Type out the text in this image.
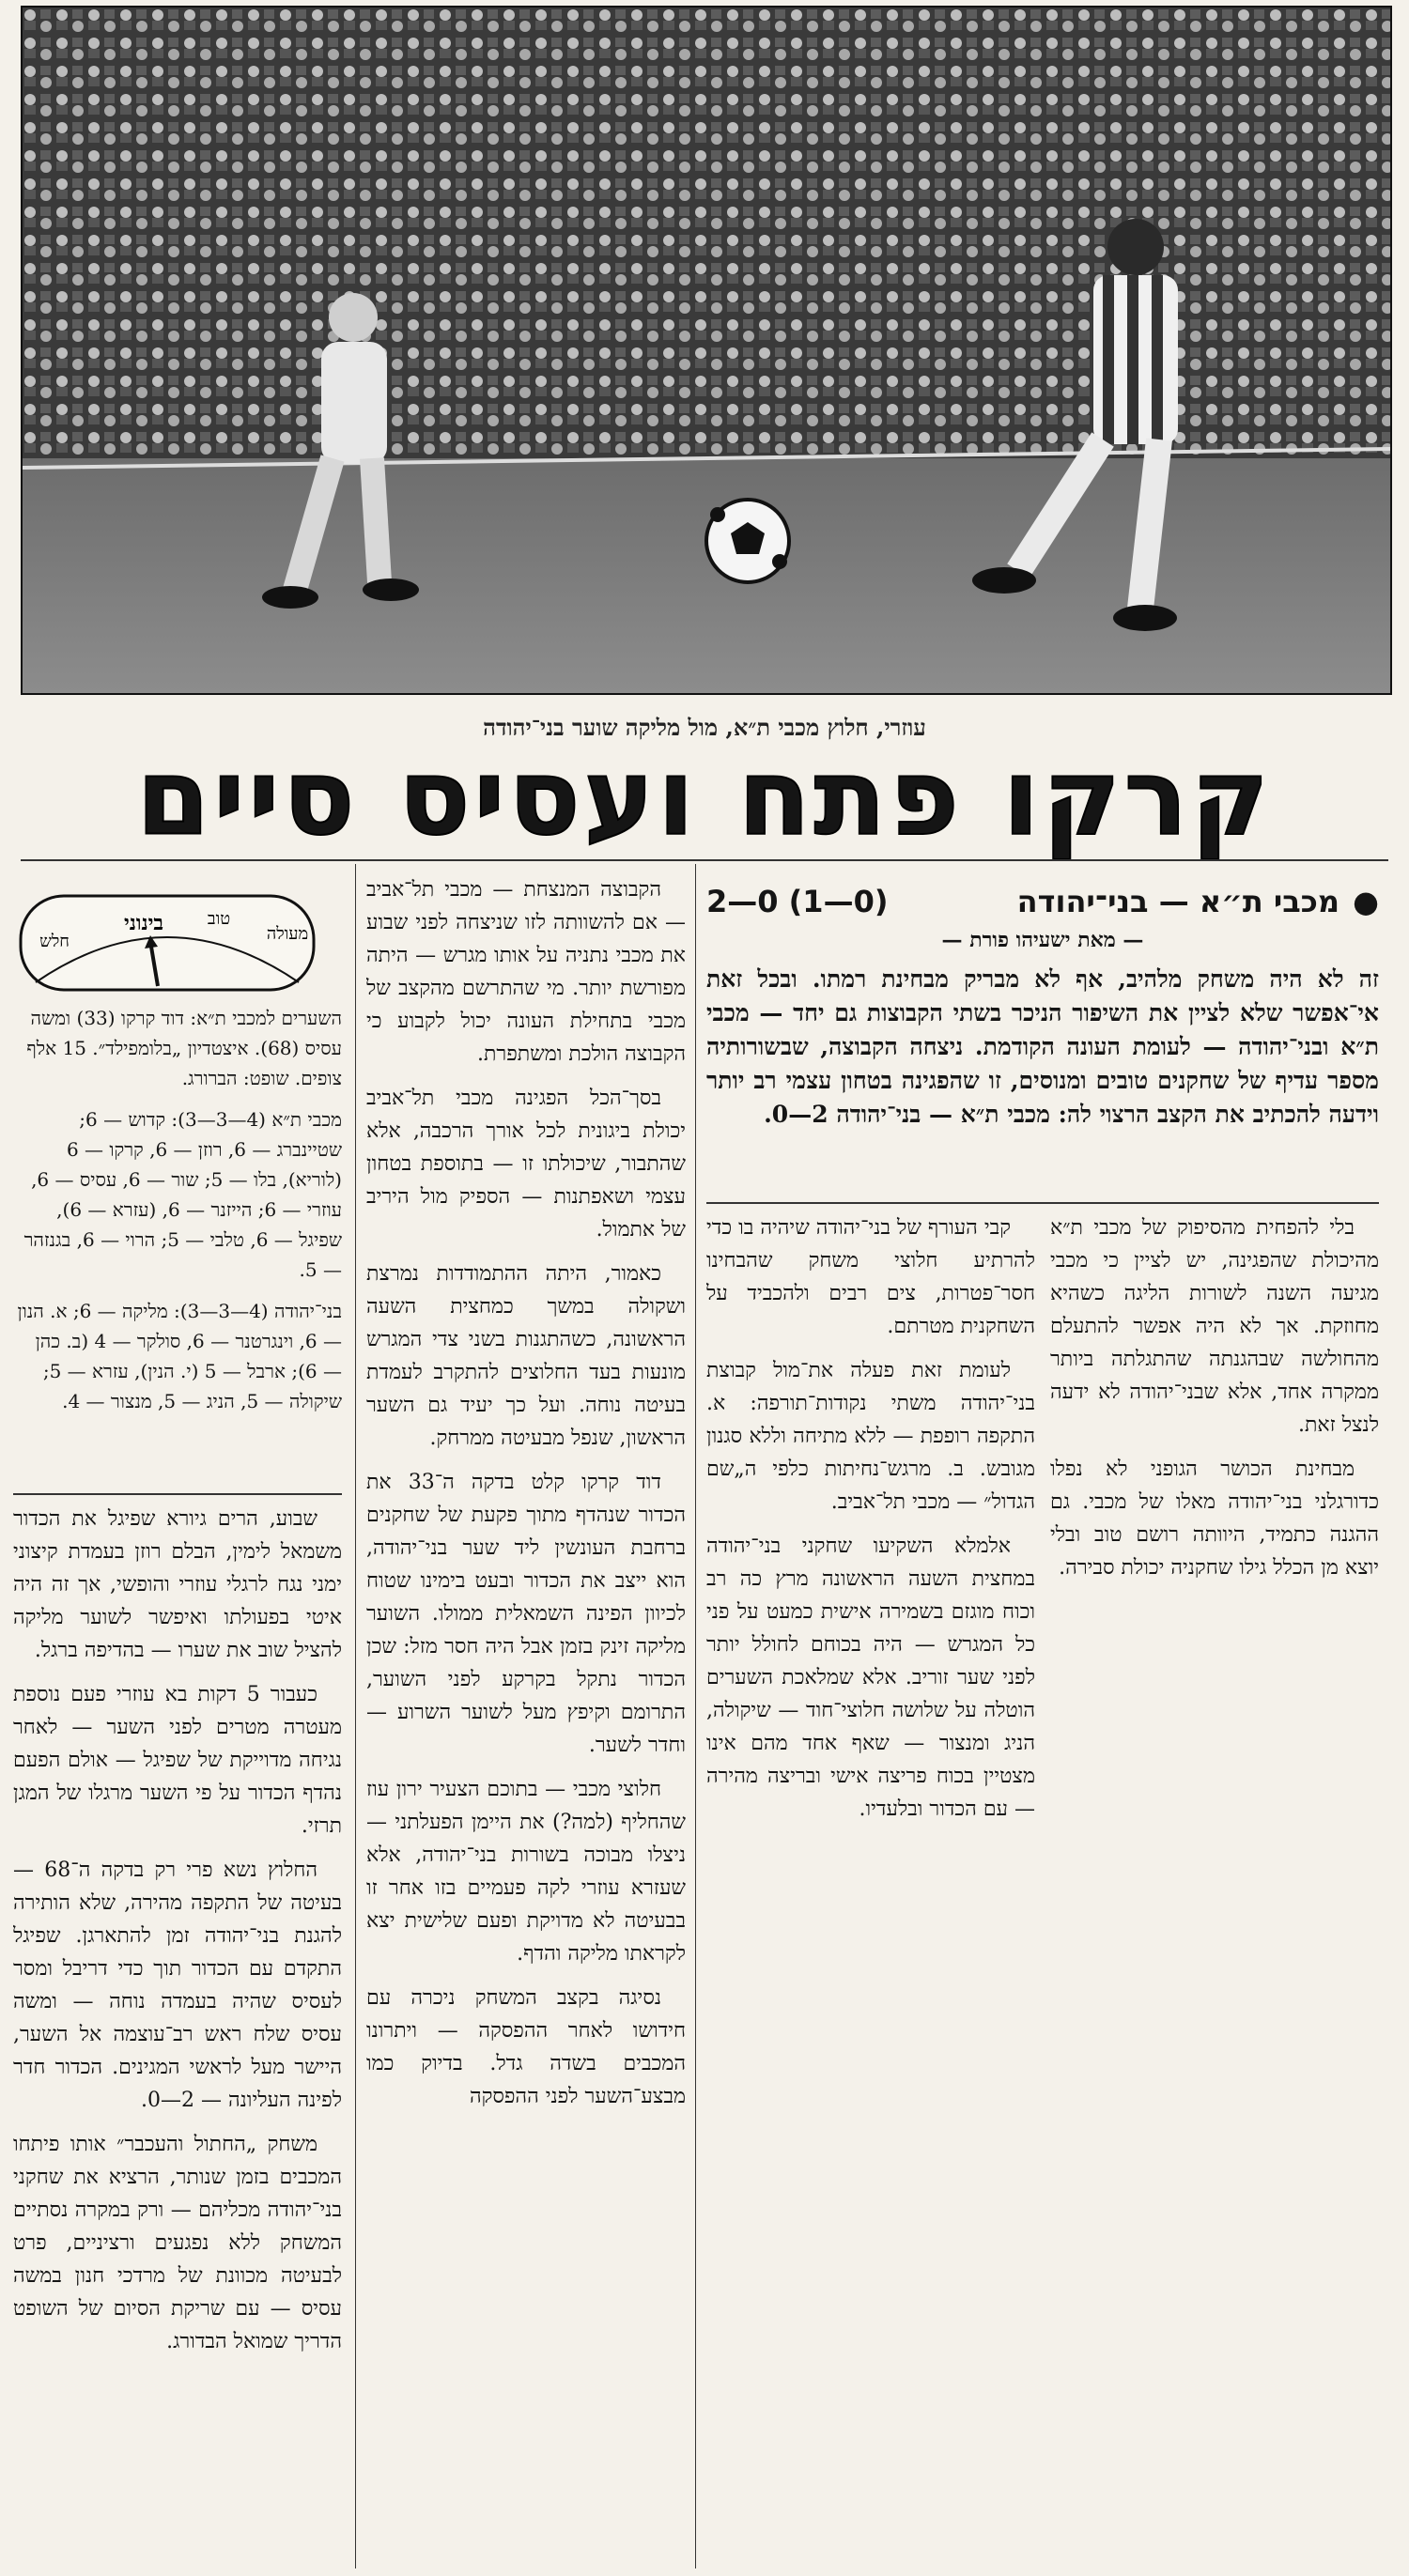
עוזרי, חלוץ מכבי ת״א, מול מליקה שוער בני־יהודה
קרקו פתח ועסיס סיים
●
מכבי ת״א — בני־יהודה
2—0 (1—0)
— מאת ישעיהו פורת —

זה לא היה משחק מלהיב, אף לא מבריק מבחינת רמתו. ובכל זאת אי־אפשר שלא לציין את השיפור הניכר בשתי הקבוצות גם יחד — מכבי ת״א ובני־יהודה — לעומת העונה הקודמת. ניצחה הקבוצה, שבשורותיה מספר עדיף של שחקנים טובים ומנוסים, זו שהפגינה בטחון עצמי רב יותר וידעה להכתיב את הקצב הרצוי לה: מכבי ת״א — בני־יהודה 2—0.

מעולה
טוב
בינוני
חלש

השערים למכבי ת״א: דוד קרקו (33) ומשה עסיס (68). איצטדיון „בלומפילד״. 15 אלף צופים. שופט: הברורג.

מכבי ת״א (4—3—3): קדוש — 6; שטיינברג — 6, רוזן — 6, קרקו — 6 (לוריא), בלו — 5; שור — 6, עסיס — 6, עוזרי — 6; הייזנר — 6, (עזרא — 6), שפיגל — 6, טלבי — 5; הרוי — 6, בגנזהר — 5.

בני־יהודה (4—3—3): מליקה — 6; א. הנון — 6, וינגרטנר — 6, סולקר — 4 (ב. כהן — 6); ארבל — 5 (י. הנין), עזרא — 5; שיקולה — 5, הניג — 5, מנצור — 4.

בלי להפחית מהסיפוק של מכבי ת״א מהיכולת שהפגינה, יש לציין כי מכבי מגיעה השנה לשורות הליגה כשהיא מחוזקת. אך לא היה אפשר להתעלם מהחולשה שבהגנתה שהתגלתה ביותר ממקרה אחד, אלא שבני־יהודה לא ידעה לנצל זאת.

מבחינת הכושר הגופני לא נפלו כדורגלני בני־יהודה מאלו של מכבי. גם ההגנה כתמיד, היוותה רושם טוב ובלי יוצא מן הכלל גילו שחקניה יכולת סבירה.

קבי העורף של בני־יהודה שיהיה בו כדי להרתיע חלוצי משחק שהבחינו חסר־פטרות, צים רבים ולהכביד על השחקנית מטרתם.

לעומת זאת פעלה את־מול קבוצת בני־יהודה משתי נקודות־תורפה: א. התקפה רופפת — ללא מתיחה וללא סגנון מגובש. ב. מרגש־נחיתות כלפי ה„שם הגדול״ — מכבי תל־אביב.

אלמלא השקיעו שחקני בני־יהודה במחצית השעה הראשונה מרץ כה רב וכוח מוגזם בשמירה אישית כמעט על פני כל המגרש — היה בכוחם לחולל יותר לפני שער זוריב. אלא שמלאכת השערים הוטלה על שלושה חלוצי־חוד — שיקולה, הניג ומנצור — שאף אחד מהם אינו מצטיין בכוח פריצה אישי ובריצה מהירה — עם הכדור ובלעדיו.

הקבוצה המנצחת — מכבי תל־אביב — אם להשוותה לזו שניצחה לפני שבוע את מכבי נתניה על אותו מגרש — היתה מפורשת יותר. מי שהתרשם מהקצב של מכבי בתחילת העונה יכול לקבוע כי הקבוצה הולכת ומשתפרת.

בסך־הכל הפגינה מכבי תל־אביב יכולת ביגונית לכל אורך הרכבה, אלא שהתבור, שיכולתו זו — בתוספת בטחון עצמי ושאפתנות — הספיק מול היריב של אתמול.

כאמור, היתה ההתמודדות נמרצת ושקולה במשך כמחצית השעה הראשונה, כשהתגנות בשני צדי המגרש מונעות בעד החלוצים להתקרב לעמדת בעיטה נוחה. ועל כך יעיד גם השער הראשון, שנפל מבעיטה ממרחק.

דוד קרקו קלט בדקה ה־33 את הכדור שנהדף מתוך פקעת של שחקנים ברחבת העונשין ליד שער בני־יהודה, הוא ייצב את הכדור ובעט בימינו שטוח לכיוון הפינה השמאלית ממולו. השוער מליקה זינק בזמן אבל היה חסר מזל: שכן הכדור נתקל בקרקע לפני השוער, התרומם וקיפץ מעל לשוער השרוע — וחדר לשער.

חלוצי מכבי — בתוכם הצעיר ירון עוז שהחליף (למה?) את היימן הפעלתני — ניצלו מבוכה בשורות בני־יהודה, אלא שעזרא עוזרי לקה פעמיים בזו אחר זו בבעיטה לא מדויקת ופעם שלישית יצא לקראתו מליקה והדף.

נסיגה בקצב המשחק ניכרה עם חידושו לאחר ההפסקה — ויתרונו המכבים בשדה גדל. בדיוק כמו מבצע־השער לפני ההפסקה

שבוע, הרים גיורא שפיגל את הכדור משמאל לימין, הבלם רוזן בעמדת קיצוני ימני נגח לרגלי עוזרי והופשי, אך זה היה איטי בפעולתו ואיפשר לשוער מליקה להציל שוב את שערו — בהדיפה ברגל.

כעבור 5 דקות בא עוזרי פעם נוספת מעטרה מטרים לפני השער — לאחר נגיחה מדוייקת של שפיגל — אולם הפעם נהדף הכדור על פי השער מרגלו של המגן תרזי.

החלוץ נשא פרי רק בדקה ה־68 — בעיטה של התקפה מהירה, שלא הותירה להגנת בני־יהודה זמן להתארגן. שפיגל התקדם עם הכדור תוך כדי דריבל ומסר לעסיס שהיה בעמדה נוחה — ומשה עסיס שלח ראש רב־עוצמה אל השער, היישר מעל לראשי המגינים. הכדור חדר לפינה העליונה — 2—0.

משחק „החתול והעכבר״ אותו פיתחו המכבים בזמן שנותר, הרציא את שחקני בני־יהודה מכליהם — ורק במקרה נסתיים המשחק ללא נפגעים ורציניים, פרט לבעיטה מכוונת של מרדכי חנון במשה עסיס — עם שריקת הסיום של השופט הדריך שמואל הבדורג.
